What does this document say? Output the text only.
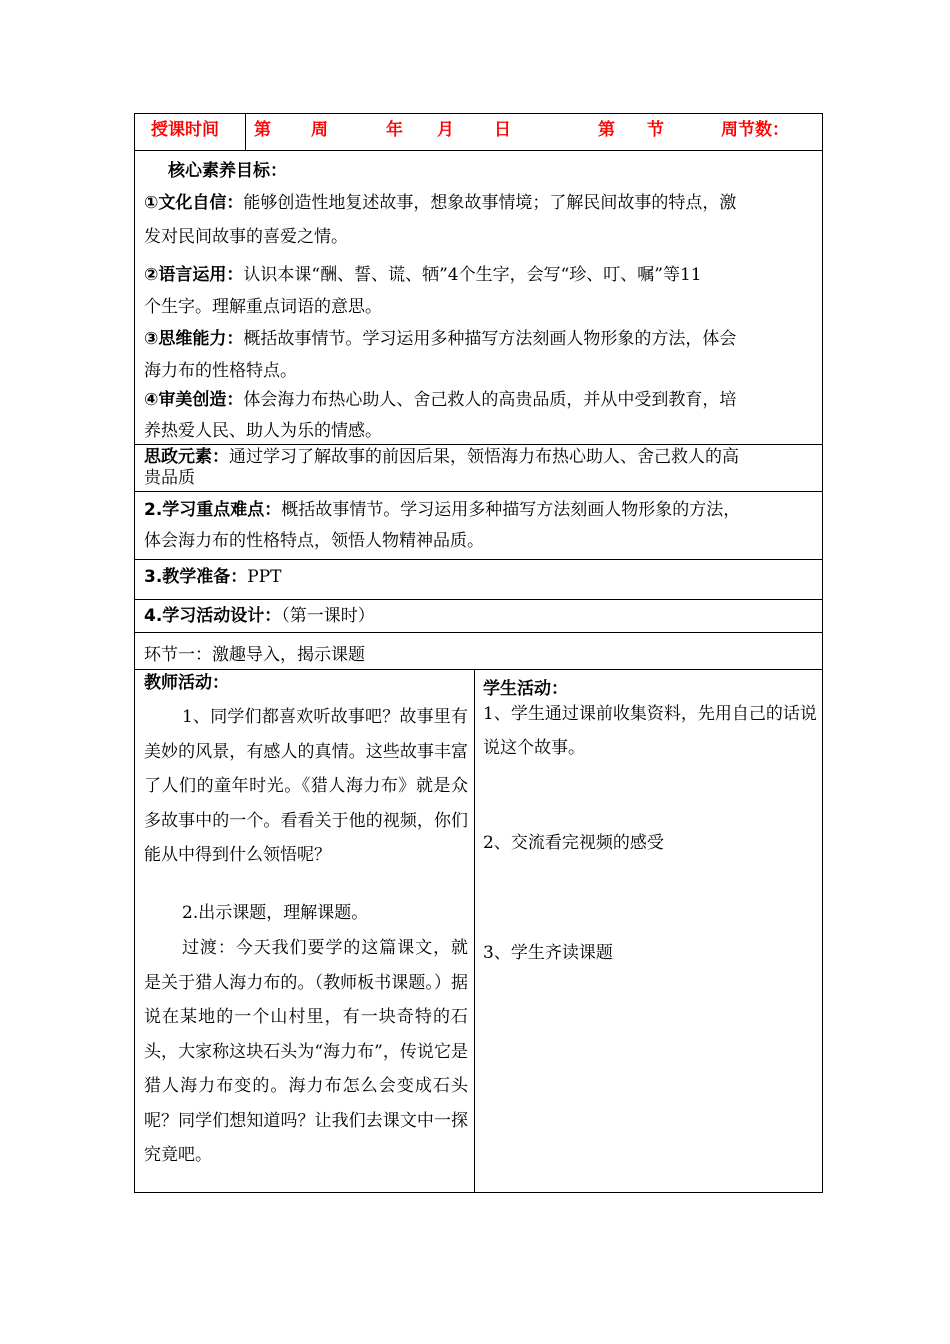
授课时间 第 周	年 月 日	第 节	周节数：
核心素养目标：
①文化自信：能够创造性地复述故事，想象故事情境；了解民间故事的特点，激
发对民间故事的喜爱之情。
②语言运用：认识本课“酬、誓、谎、牺”4个生字，会写“珍、叮、嘱”等11
个生字。理解重点词语的意思。
③思维能力：概括故事情节。学习运用多种描写方法刻画人物形象的方法，体会
海力布的性格特点。
④审美创造：体会海力布热心助人、舍己救人的高贵品质，并从中受到教育，培
养热爱人民、助人为乐的情感。
思政元素：通过学习了解故事的前因后果，领悟海力布热心助人、舍己救人的高
贵品质
2.学习重点难点：概括故事情节。学习运用多种描写方法刻画人物形象的方法，
体会海力布的性格特点，领悟人物精神品质。
3.教学准备：PPT
4.学习活动设计：（第一课时）
环节一：激趣导入，揭示课题
教师活动：
1、同学们都喜欢听故事吧？故事里有美妙的风景，有感人的真情。这些故事丰富了人们的童年时光。《猎人海力布》就是众多故事中的一个。看看关于他的视频，你们能从中得到什么领悟呢？
2.出示课题，理解课题。
过渡：今天我们要学的这篇课文，就是关于猎人海力布的。（教师板书课题。）据说在某地的一个山村里，有一块奇特的石头，大家称这块石头为“海力布”，传说它是猎人海力布变的。海力布怎么会变成石头呢？同学们想知道吗？让我们去课文中一探究竟吧。
学生活动：
1、学生通过课前收集资料，先用自己的话说说这个故事。
2、交流看完视频的感受
3、学生齐读课题
